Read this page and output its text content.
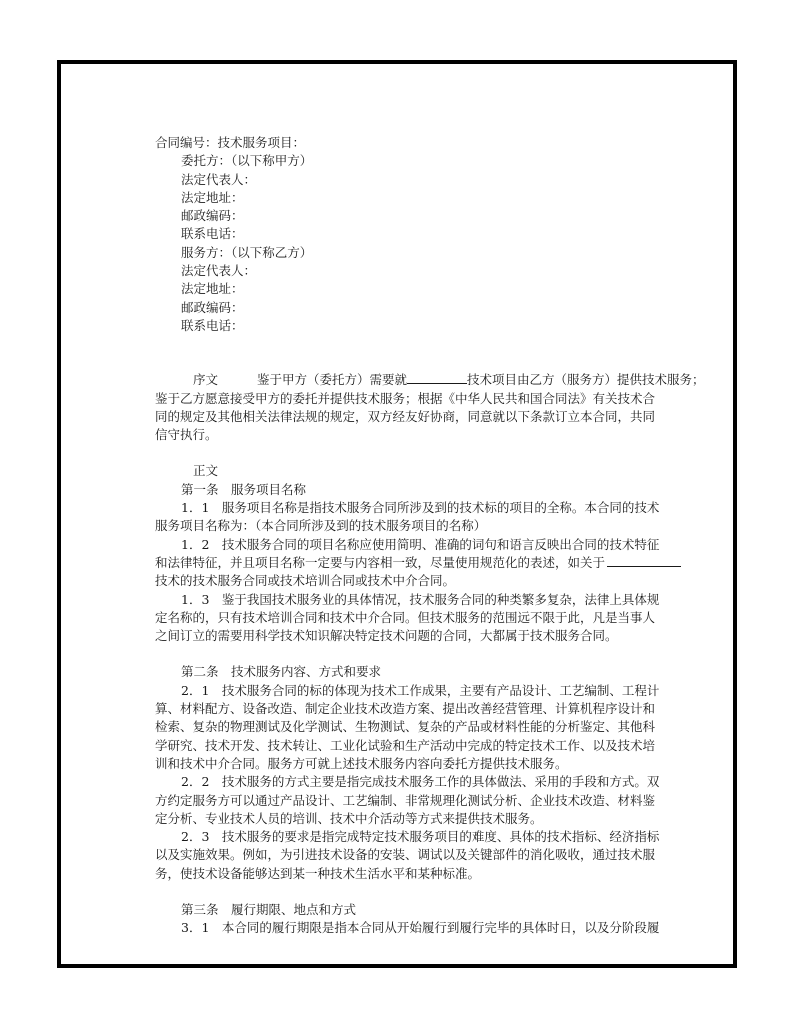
合同编号：技术服务项目：
委托方：（以下称甲方）
法定代表人：
法定地址：
邮政编码：
联系电话：
服务方：（以下称乙方）
法定代表人：
法定地址：
邮政编码：
联系电话：
序文	鉴于甲方（委托方）需要就	技术项目由乙方（服务方）提供技术服务；
鉴于乙方愿意接受甲方的委托并提供技术服务；根据《中华人民共和国合同法》有关技术合
同的规定及其他相关法律法规的规定，双方经友好协商，同意就以下条款订立本合同，共同
信守执行。
正文
第一条　服务项目名称
1．1　服务项目名称是指技术服务合同所涉及到的技术标的项目的全称。本合同的技术
服务项目名称为：（本合同所涉及到的技术服务项目的名称）
1．2　技术服务合同的项目名称应使用简明、准确的词句和语言反映出合同的技术特征
和法律特征，并且项目名称一定要与内容相一致，尽量使用规范化的表述，如关于
技术的技术服务合同或技术培训合同或技术中介合同。
1．3　鉴于我国技术服务业的具体情况，技术服务合同的种类繁多复杂，法律上具体规
定名称的，只有技术培训合同和技术中介合同。但技术服务的范围远不限于此，凡是当事人
之间订立的需要用科学技术知识解决特定技术问题的合同，大都属于技术服务合同。
第二条　技术服务内容、方式和要求
2．1　技术服务合同的标的体现为技术工作成果，主要有产品设计、工艺编制、工程计
算、材料配方、设备改造、制定企业技术改造方案、提出改善经营管理、计算机程序设计和
检索、复杂的物理测试及化学测试、生物测试、复杂的产品或材料性能的分析鉴定、其他科
学研究、技术开发、技术转让、工业化试验和生产活动中完成的特定技术工作、以及技术培
训和技术中介合同。服务方可就上述技术服务内容向委托方提供技术服务。
2．2　技术服务的方式主要是指完成技术服务工作的具体做法、采用的手段和方式。双
方约定服务方可以通过产品设计、工艺编制、非常规理化测试分析、企业技术改造、材料鉴
定分析、专业技术人员的培训、技术中介活动等方式来提供技术服务。
2．3　技术服务的要求是指完成特定技术服务项目的难度、具体的技术指标、经济指标
以及实施效果。例如，为引进技术设备的安装、调试以及关键部件的消化吸收，通过技术服
务，使技术设备能够达到某一种技术生活水平和某种标准。
第三条　履行期限、地点和方式
3．1　本合同的履行期限是指本合同从开始履行到履行完毕的具体时日，以及分阶段履
